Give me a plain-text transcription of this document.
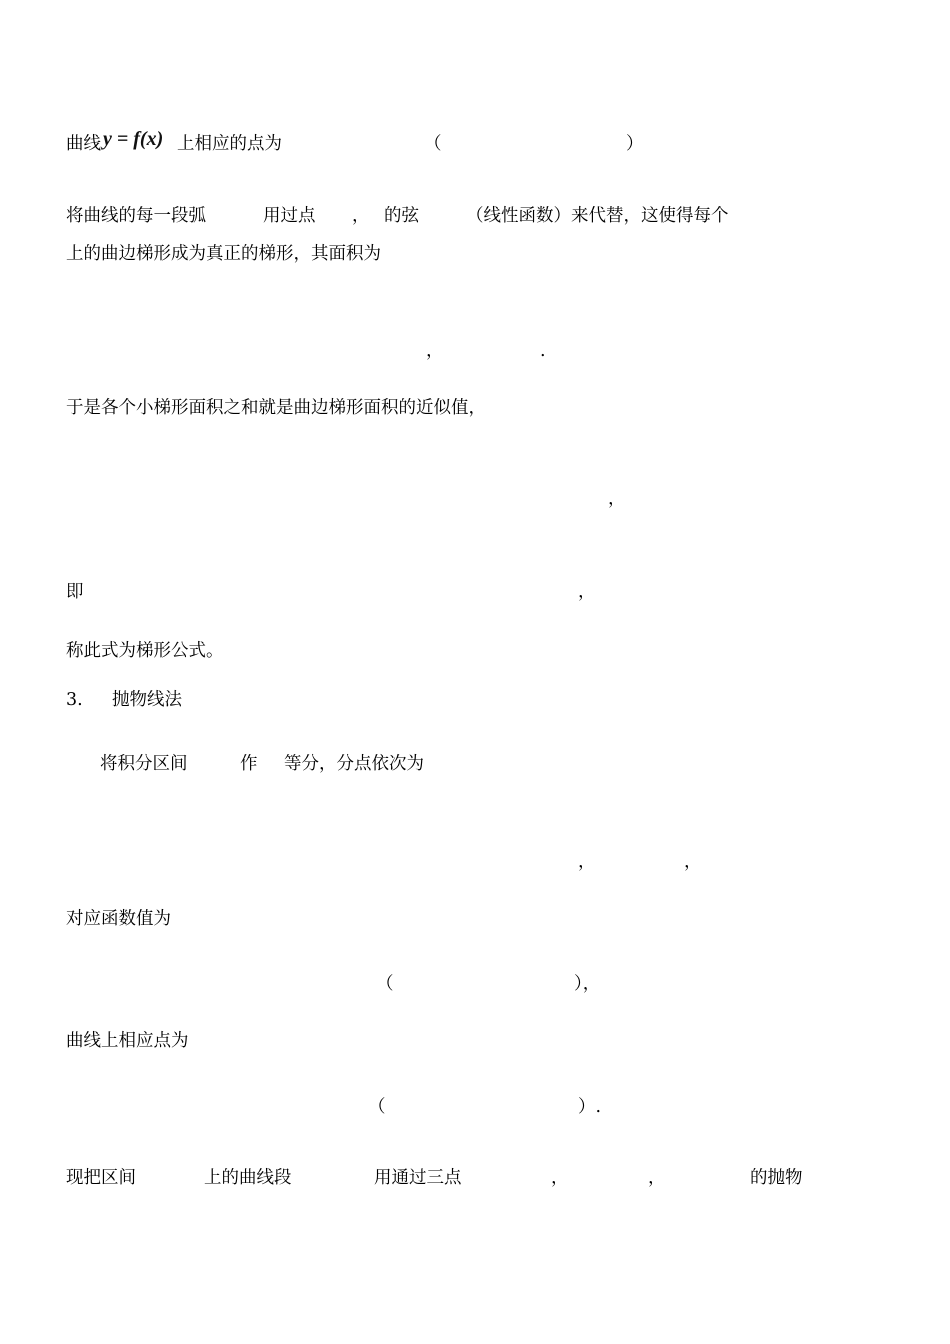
曲线 y = f(x) 上相应的点为	（	）
将曲线的每一段弧	用过点 ， 的弦	（线性函数）来代替，这使得每个
上的曲边梯形成为真正的梯形，其面积为
，	.
于是各个小梯形面积之和就是曲边梯形面积的近似值，
，
即	，
称此式为梯形公式。
3. 抛物线法
将积分区间	作 等分，分点依次为
，	，
对应函数值为
（	），
曲线上相应点为
（	）.
现把区间	上的曲线段	用通过三点	，	，	的抛物
